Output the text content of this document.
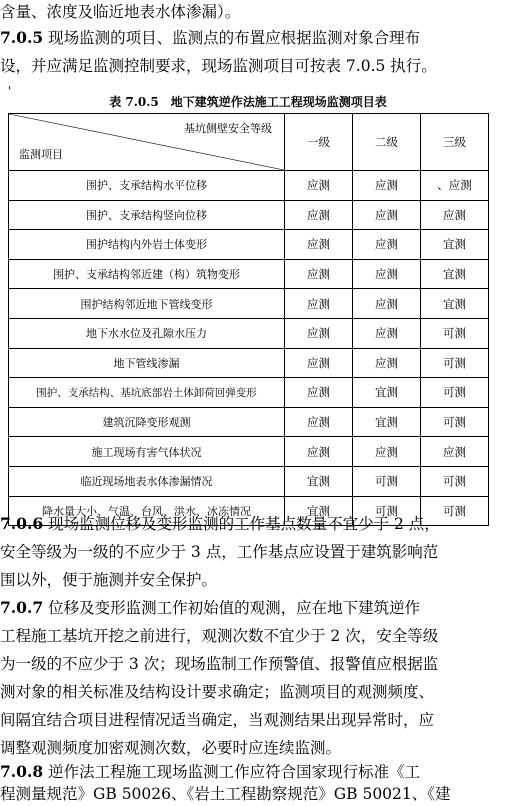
含量、浓度及临近地表水体渗漏）。
7.0.5 现场监测的项目、监测点的布置应根据监测对象合理布
设，并应满足监测控制要求，现场监测项目可按表 7.0.5 执行。
'
表 7.0.5 地下建筑逆作法施工工程现场监测项目表
基坑侧壁安全等级
监测项目	一级	二级	三级
围护、支承结构水平位移	应测	应测	、应测
围护、支承结构竖向位移	应测	应测	应测
围护结构内外岩土体变形	应测	应测	宜测
围护、支承结构邻近建（构）筑物变形	应测	应测	宜测
围护结构邻近地下管线变形	应测	应测	宜测
地下水水位及孔隙水压力	应测	应测	可测
地下管线渗漏	应测	应测	可测
围护、支承结构、基坑底部岩土体卸荷回弹变形	应测	宜测	可测
建筑沉降变形观测	应测	宜测	可测
施工现场有害气体状况	应测	应测	应测
临近现场地表水体渗漏情况	宜测	可测	可测
降水量大小、气温、台风、洪水、冰冻情况	宜测	可测	可测
7.0.6 现场监测位移及变形监测的工作基点数量不宜少于 2 点，
安全等级为一级的不应少于 3 点，工作基点应设置于建筑影响范
围以外，便于施测并安全保护。
7.0.7 位移及变形监测工作初始值的观测，应在地下建筑逆作
工程施工基坑开挖之前进行，观测次数不宜少于 2 次，安全等级
为一级的不应少于 3 次；现场监制工作预警值、报警值应根据监
测对象的相关标准及结构设计要求确定；监测项目的观测频度、
间隔宜结合项目进程情况适当确定，当观测结果出现异常时，应
调整观测频度加密观测次数，必要时应连续监测。
7.0.8 逆作法工程施工现场监测工作应符合国家现行标准《工
程测量规范》GB 50026、《岩土工程勘察规范》GB 50021、《建
